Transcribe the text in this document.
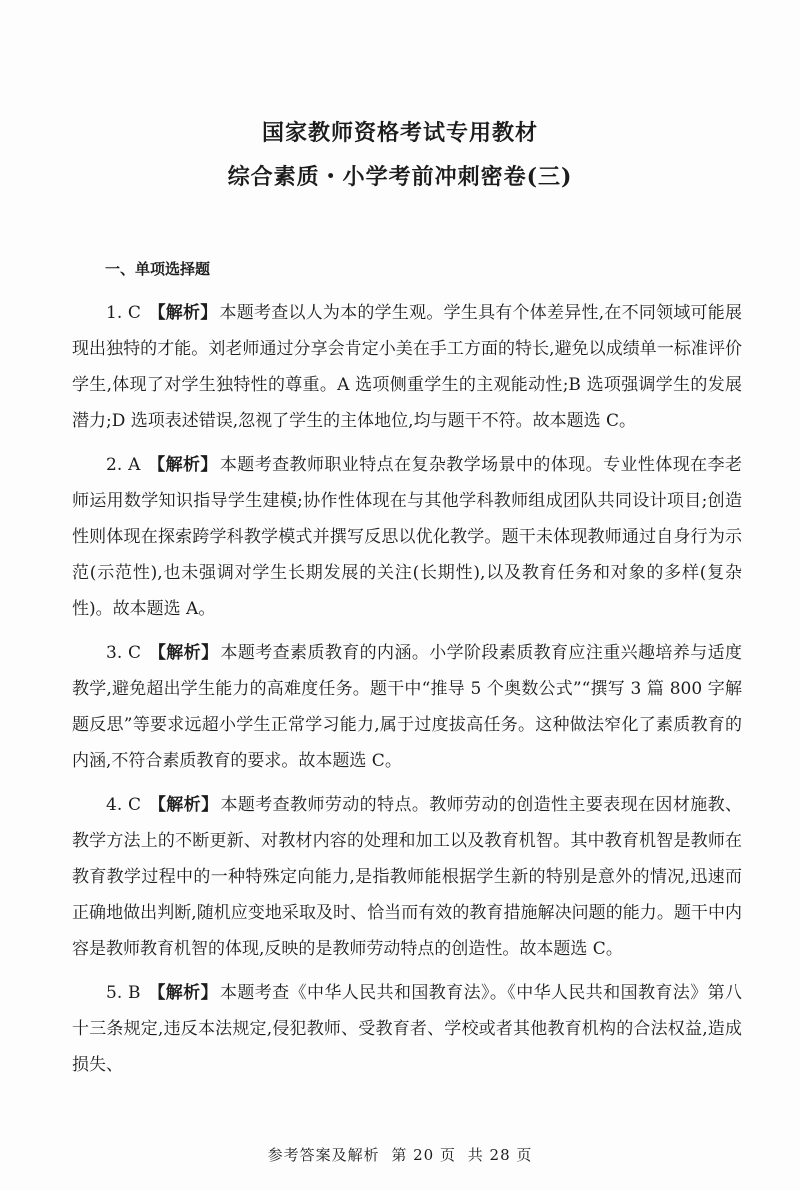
国家教师资格考试专用教材
综合素质・小学考前冲刺密卷(三)
一、单项选择题

1. C 【解析】 本题考查以人为本的学生观。学生具有个体差异性,在不同领域可能展现出独特的才能。刘老师通过分享会肯定小美在手工方面的特长,避免以成绩单一标准评价学生,体现了对学生独特性的尊重。A 选项侧重学生的主观能动性;B 选项强调学生的发展潜力;D 选项表述错误,忽视了学生的主体地位,均与题干不符。故本题选 C。

2. A 【解析】 本题考查教师职业特点在复杂教学场景中的体现。专业性体现在李老师运用数学知识指导学生建模;协作性体现在与其他学科教师组成团队共同设计项目;创造性则体现在探索跨学科教学模式并撰写反思以优化教学。题干未体现教师通过自身行为示范(示范性),也未强调对学生长期发展的关注(长期性),以及教育任务和对象的多样(复杂性)。故本题选 A。

3. C 【解析】 本题考查素质教育的内涵。小学阶段素质教育应注重兴趣培养与适度教学,避免超出学生能力的高难度任务。题干中“推导 5 个奥数公式”“撰写 3 篇 800 字解题反思”等要求远超小学生正常学习能力,属于过度拔高任务。这种做法窄化了素质教育的内涵,不符合素质教育的要求。故本题选 C。

4. C 【解析】 本题考查教师劳动的特点。教师劳动的创造性主要表现在因材施教、教学方法上的不断更新、对教材内容的处理和加工以及教育机智。其中教育机智是教师在教育教学过程中的一种特殊定向能力,是指教师能根据学生新的特别是意外的情况,迅速而正确地做出判断,随机应变地采取及时、恰当而有效的教育措施解决问题的能力。题干中内容是教师教育机智的体现,反映的是教师劳动特点的创造性。故本题选 C。

5. B 【解析】 本题考查《中华人民共和国教育法》。《中华人民共和国教育法》第八十三条规定,违反本法规定,侵犯教师、受教育者、学校或者其他教育机构的合法权益,造成损失、

参考答案及解析 第 20 页 共 28 页
